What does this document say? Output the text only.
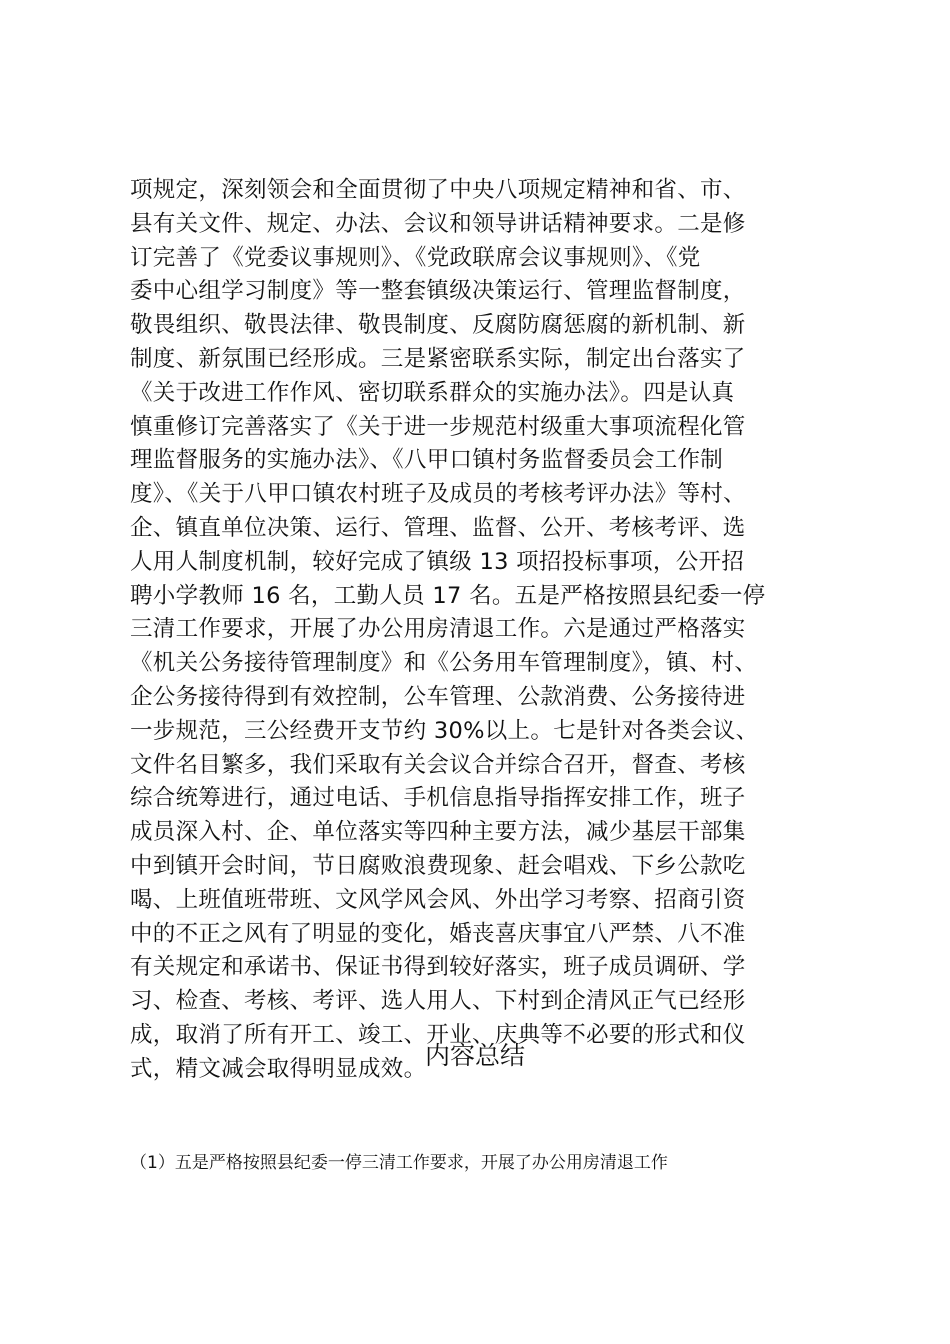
项规定，深刻领会和全面贯彻了中央八项规定精神和省、市、
县有关文件、规定、办法、会议和领导讲话精神要求。二是修
订完善了《党委议事规则》、《党政联席会议事规则》、《党
委中心组学习制度》等一整套镇级决策运行、管理监督制度，
敬畏组织、敬畏法律、敬畏制度、反腐防腐惩腐的新机制、新
制度、新氛围已经形成。三是紧密联系实际，制定出台落实了
《关于改进工作作风、密切联系群众的实施办法》。四是认真
慎重修订完善落实了《关于进一步规范村级重大事项流程化管
理监督服务的实施办法》、《八甲口镇村务监督委员会工作制
度》、《关于八甲口镇农村班子及成员的考核考评办法》等村、
企、镇直单位决策、运行、管理、监督、公开、考核考评、选
人用人制度机制，较好完成了镇级 13 项招投标事项，公开招
聘小学教师 16 名，工勤人员 17 名。五是严格按照县纪委一停
三清工作要求，开展了办公用房清退工作。六是通过严格落实
《机关公务接待管理制度》和《公务用车管理制度》，镇、村、
企公务接待得到有效控制，公车管理、公款消费、公务接待进
一步规范，三公经费开支节约 30%以上。七是针对各类会议、
文件名目繁多，我们采取有关会议合并综合召开，督查、考核
综合统筹进行，通过电话、手机信息指导指挥安排工作，班子
成员深入村、企、单位落实等四种主要方法，减少基层干部集
中到镇开会时间，节日腐败浪费现象、赶会唱戏、下乡公款吃
喝、上班值班带班、文风学风会风、外出学习考察、招商引资
中的不正之风有了明显的变化，婚丧喜庆事宜八严禁、八不准
有关规定和承诺书、保证书得到较好落实，班子成员调研、学
习、检查、考核、考评、选人用人、下村到企清风正气已经形
成，取消了所有开工、竣工、开业、庆典等不必要的形式和仪
式，精文减会取得明显成效。
内容总结

（1）五是严格按照县纪委一停三清工作要求，开展了办公用房清退工作
